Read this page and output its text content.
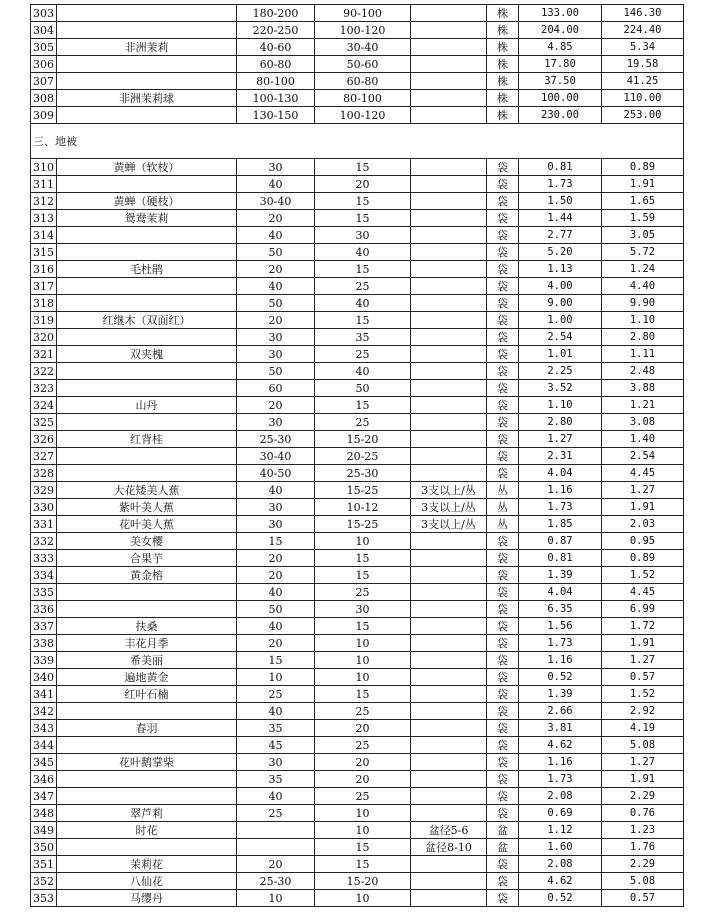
303		180-200	90-100		株	133.00	146.30
304		220-250	100-120		株	204.00	224.40
305	非洲茉莉	40-60	30-40		株	4.85	5.34
306		60-80	50-60		株	17.80	19.58
307		80-100	60-80		株	37.50	41.25
308	非洲茉莉球	100-130	80-100		株	100.00	110.00
309		130-150	100-120		株	230.00	253.00
三、地被							
310	黄蝉（软枝）	30	15		袋	0.81	0.89
311		40	20		袋	1.73	1.91
312	黄蝉（硬枝）	30-40	15		袋	1.50	1.65
313	鸳鸯茉莉	20	15		袋	1.44	1.59
314		40	30		袋	2.77	3.05
315		50	40		袋	5.20	5.72
316	毛杜鹃	20	15		袋	1.13	1.24
317		40	25		袋	4.00	4.40
318		50	40		袋	9.00	9.90
319	红继木（双面红）	20	15		袋	1.00	1.10
320		30	35		袋	2.54	2.80
321	双夹槐	30	25		袋	1.01	1.11
322		50	40		袋	2.25	2.48
323		60	50		袋	3.52	3.88
324	山丹	20	15		袋	1.10	1.21
325		30	25		袋	2.80	3.08
326	红背桂	25-30	15-20		袋	1.27	1.40
327		30-40	20-25		袋	2.31	2.54
328		40-50	25-30		袋	4.04	4.45
329	大花矮美人蕉	40	15-25	3支以上/丛	丛	1.16	1.27
330	紫叶美人蕉	30	10-12	3支以上/丛	丛	1.73	1.91
331	花叶美人蕉	30	15-25	3支以上/丛	丛	1.85	2.03
332	美女樱	15	10		袋	0.87	0.95
333	合果芋	20	15		袋	0.81	0.89
334	黄金榕	20	15		袋	1.39	1.52
335		40	25		袋	4.04	4.45
336		50	30		袋	6.35	6.99
337	扶桑	40	15		袋	1.56	1.72
338	丰花月季	20	10		袋	1.73	1.91
339	希美丽	15	10		袋	1.16	1.27
340	遍地黄金	10	10		袋	0.52	0.57
341	红叶石楠	25	15		袋	1.39	1.52
342		40	25		袋	2.66	2.92
343	春羽	35	20		袋	3.81	4.19
344		45	25		袋	4.62	5.08
345	花叶鹅掌柴	30	20		袋	1.16	1.27
346		35	20		袋	1.73	1.91
347		40	25		袋	2.08	2.29
348	翠芦莉	25	10		袋	0.69	0.76
349	时花		10	盆径5-6	盆	1.12	1.23
350			15	盆径8-10	盆	1.60	1.76
351	茉莉花	20	15		袋	2.08	2.29
352	八仙花	25-30	15-20		袋	4.62	5.08
353	马缨丹	10	10		袋	0.52	0.57
